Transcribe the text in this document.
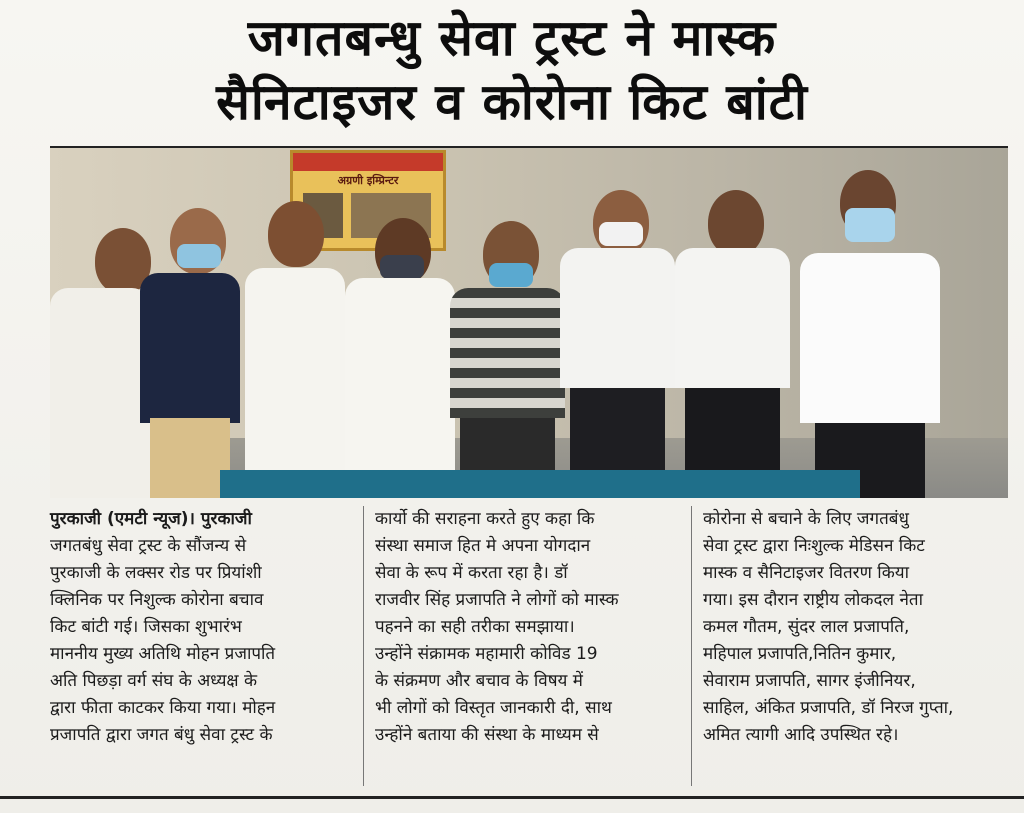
जगतबन्धु सेवा ट्रस्ट ने मास्क
सैनिटाइजर व कोरोना किट बांटी
अग्रणी इम्प्रिन्टर

पुरकाजी (एमटी न्यूज)। पुरकाजी

जगतबंधु सेवा ट्रस्ट के सौंजन्य से

पुरकाजी के लक्सर रोड पर प्रियांशी

क्लिनिक पर निशुल्क कोरोना बचाव

किट बांटी गई। जिसका शुभारंभ

माननीय मुख्य अतिथि मोहन प्रजापति

अति पिछड़ा वर्ग संघ के अध्यक्ष के

द्वारा फीता काटकर किया गया। मोहन

प्रजापति द्वारा जगत बंधु सेवा ट्रस्ट के

कार्यो की सराहना करते हुए कहा कि

संस्था समाज हित मे अपना योगदान

सेवा के रूप में करता रहा है। डॉ

राजवीर सिंह प्रजापति ने लोगों को मास्क

पहनने का सही तरीका समझाया।

उन्होंने संक्रामक महामारी कोविड 19

के संक्रमण और बचाव के विषय में

भी लोगों को विस्तृत जानकारी दी, साथ

उन्होंने बताया की संस्था के माध्यम से

कोरोना से बचाने के लिए जगतबंधु

सेवा ट्रस्ट द्वारा निःशुल्क मेडिसन किट

मास्क व सैनिटाइजर वितरण किया

गया। इस दौरान राष्ट्रीय लोकदल नेता

कमल गौतम, सुंदर लाल प्रजापति,

महिपाल प्रजापति,नितिन कुमार,

सेवाराम प्रजापति, सागर इंजीनियर,

साहिल, अंकित प्रजापति, डॉ निरज गुप्ता,

अमित त्यागी आदि उपस्थित रहे।
